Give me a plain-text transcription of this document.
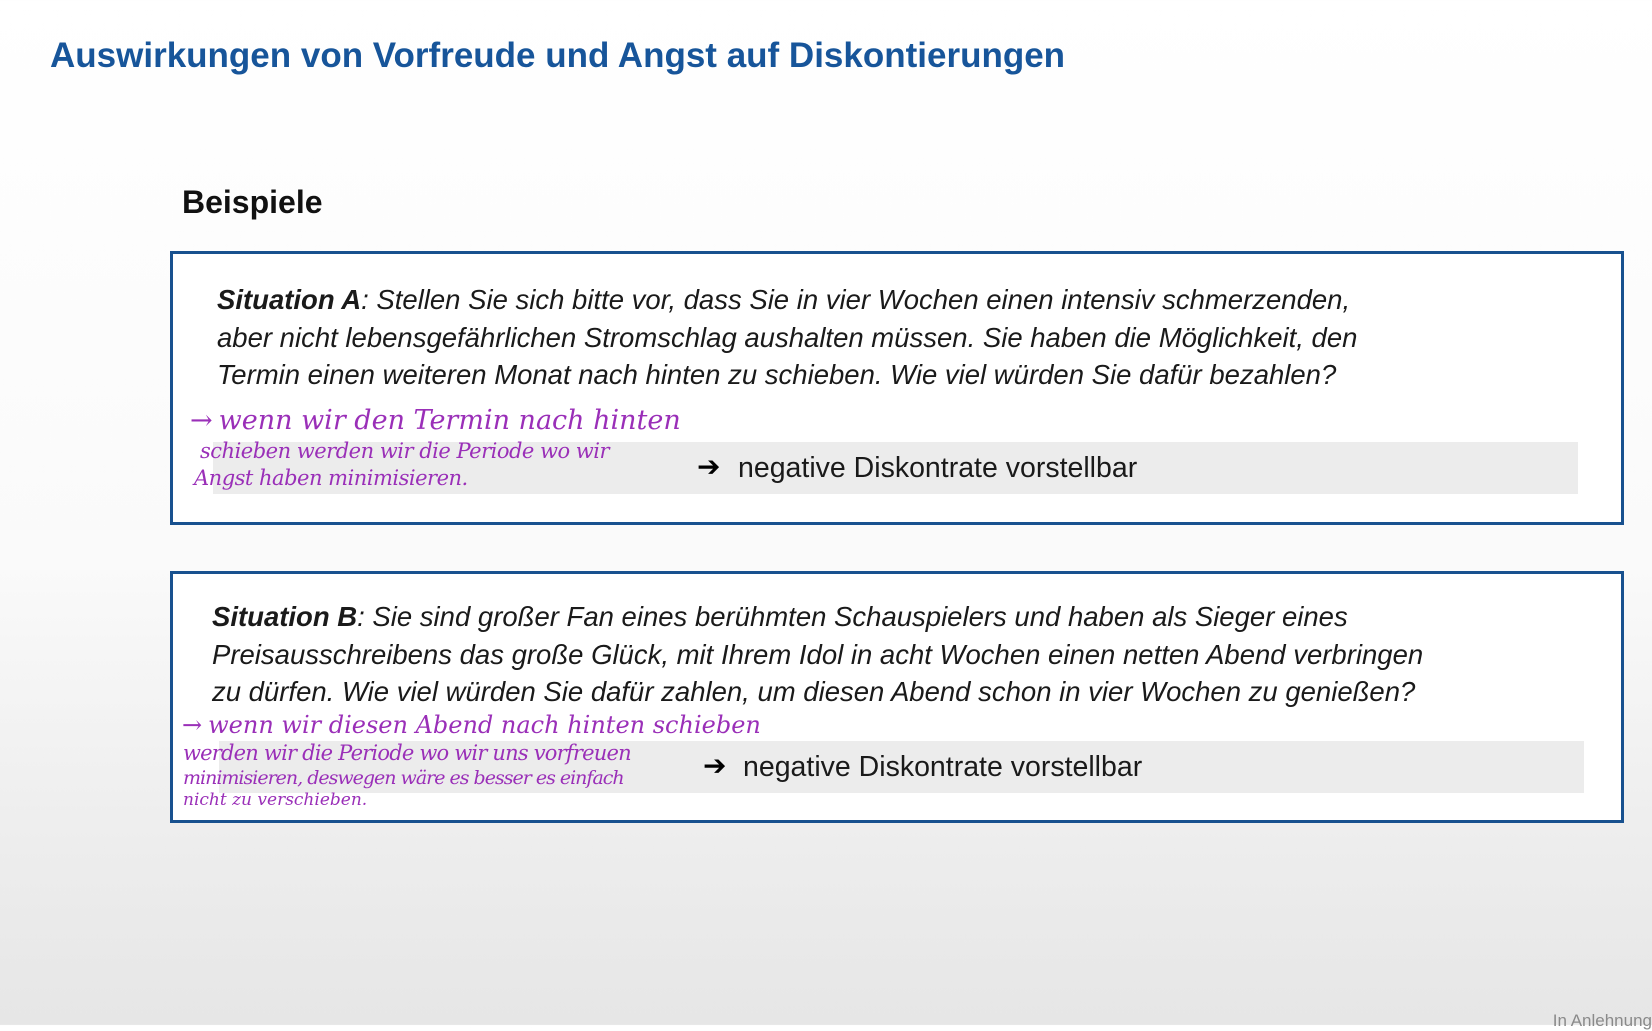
Auswirkungen von Vorfreude und Angst auf Diskontierungen
Beispiele
Situation A: Stellen Sie sich bitte vor, dass Sie in vier Wochen einen intensiv schmerzenden,
aber nicht lebensgefährlichen Stromschlag aushalten müssen. Sie haben die Möglichkeit, den
Termin einen weiteren Monat nach hinten zu schieben. Wie viel würden Sie dafür bezahlen?
➔ negative Diskontrate vorstellbar
Situation B: Sie sind großer Fan eines berühmten Schauspielers und haben als Sieger eines
Preisausschreibens das große Glück, mit Ihrem Idol in acht Wochen einen netten Abend verbringen
zu dürfen. Wie viel würden Sie dafür zahlen, um diesen Abend schon in vier Wochen zu genießen?
➔ negative Diskontrate vorstellbar
→ wenn wir den Termin nach hinten
schieben werden wir die Periode wo wir
Angst haben minimisieren.
→ wenn wir diesen Abend nach hinten schieben
werden wir die Periode wo wir uns vorfreuen
minimisieren, deswegen wäre es besser es einfach
nicht zu verschieben.
In Anlehnung
